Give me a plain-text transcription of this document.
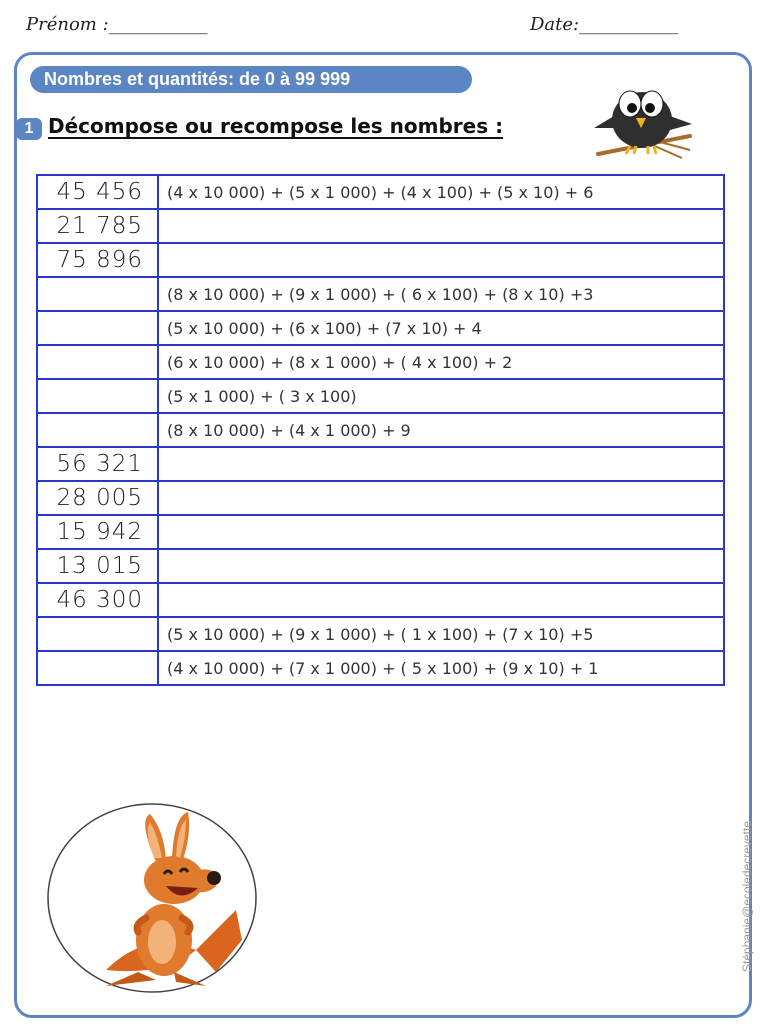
Prénom :___________	Date:___________
Nombres et quantités: de 0 à 99 999
1 Décompose ou recompose les nombres :
45 456	(4 x 10 000) + (5 x 1 000) + (4 x 100) + (5 x 10) + 6
21 785	
75 896	
	(8 x 10 000) + (9 x 1 000) + ( 6 x 100) + (8 x 10) +3
	(5 x 10 000) + (6 x 100) + (7 x 10) + 4
	(6 x 10 000) + (8 x 1 000) + ( 4 x 100) + 2
	(5 x 1 000) + ( 3 x 100)
	(8 x 10 000) + (4 x 1 000) + 9
56 321	
28 005	
15 942	
13 015	
46 300	
	(5 x 10 000) + (9 x 1 000) + ( 1 x 100) + (7 x 10) +5
	(4 x 10 000) + (7 x 1 000) + ( 5 x 100) + (9 x 10) + 1
Stéphanie@ecoledecrevette
